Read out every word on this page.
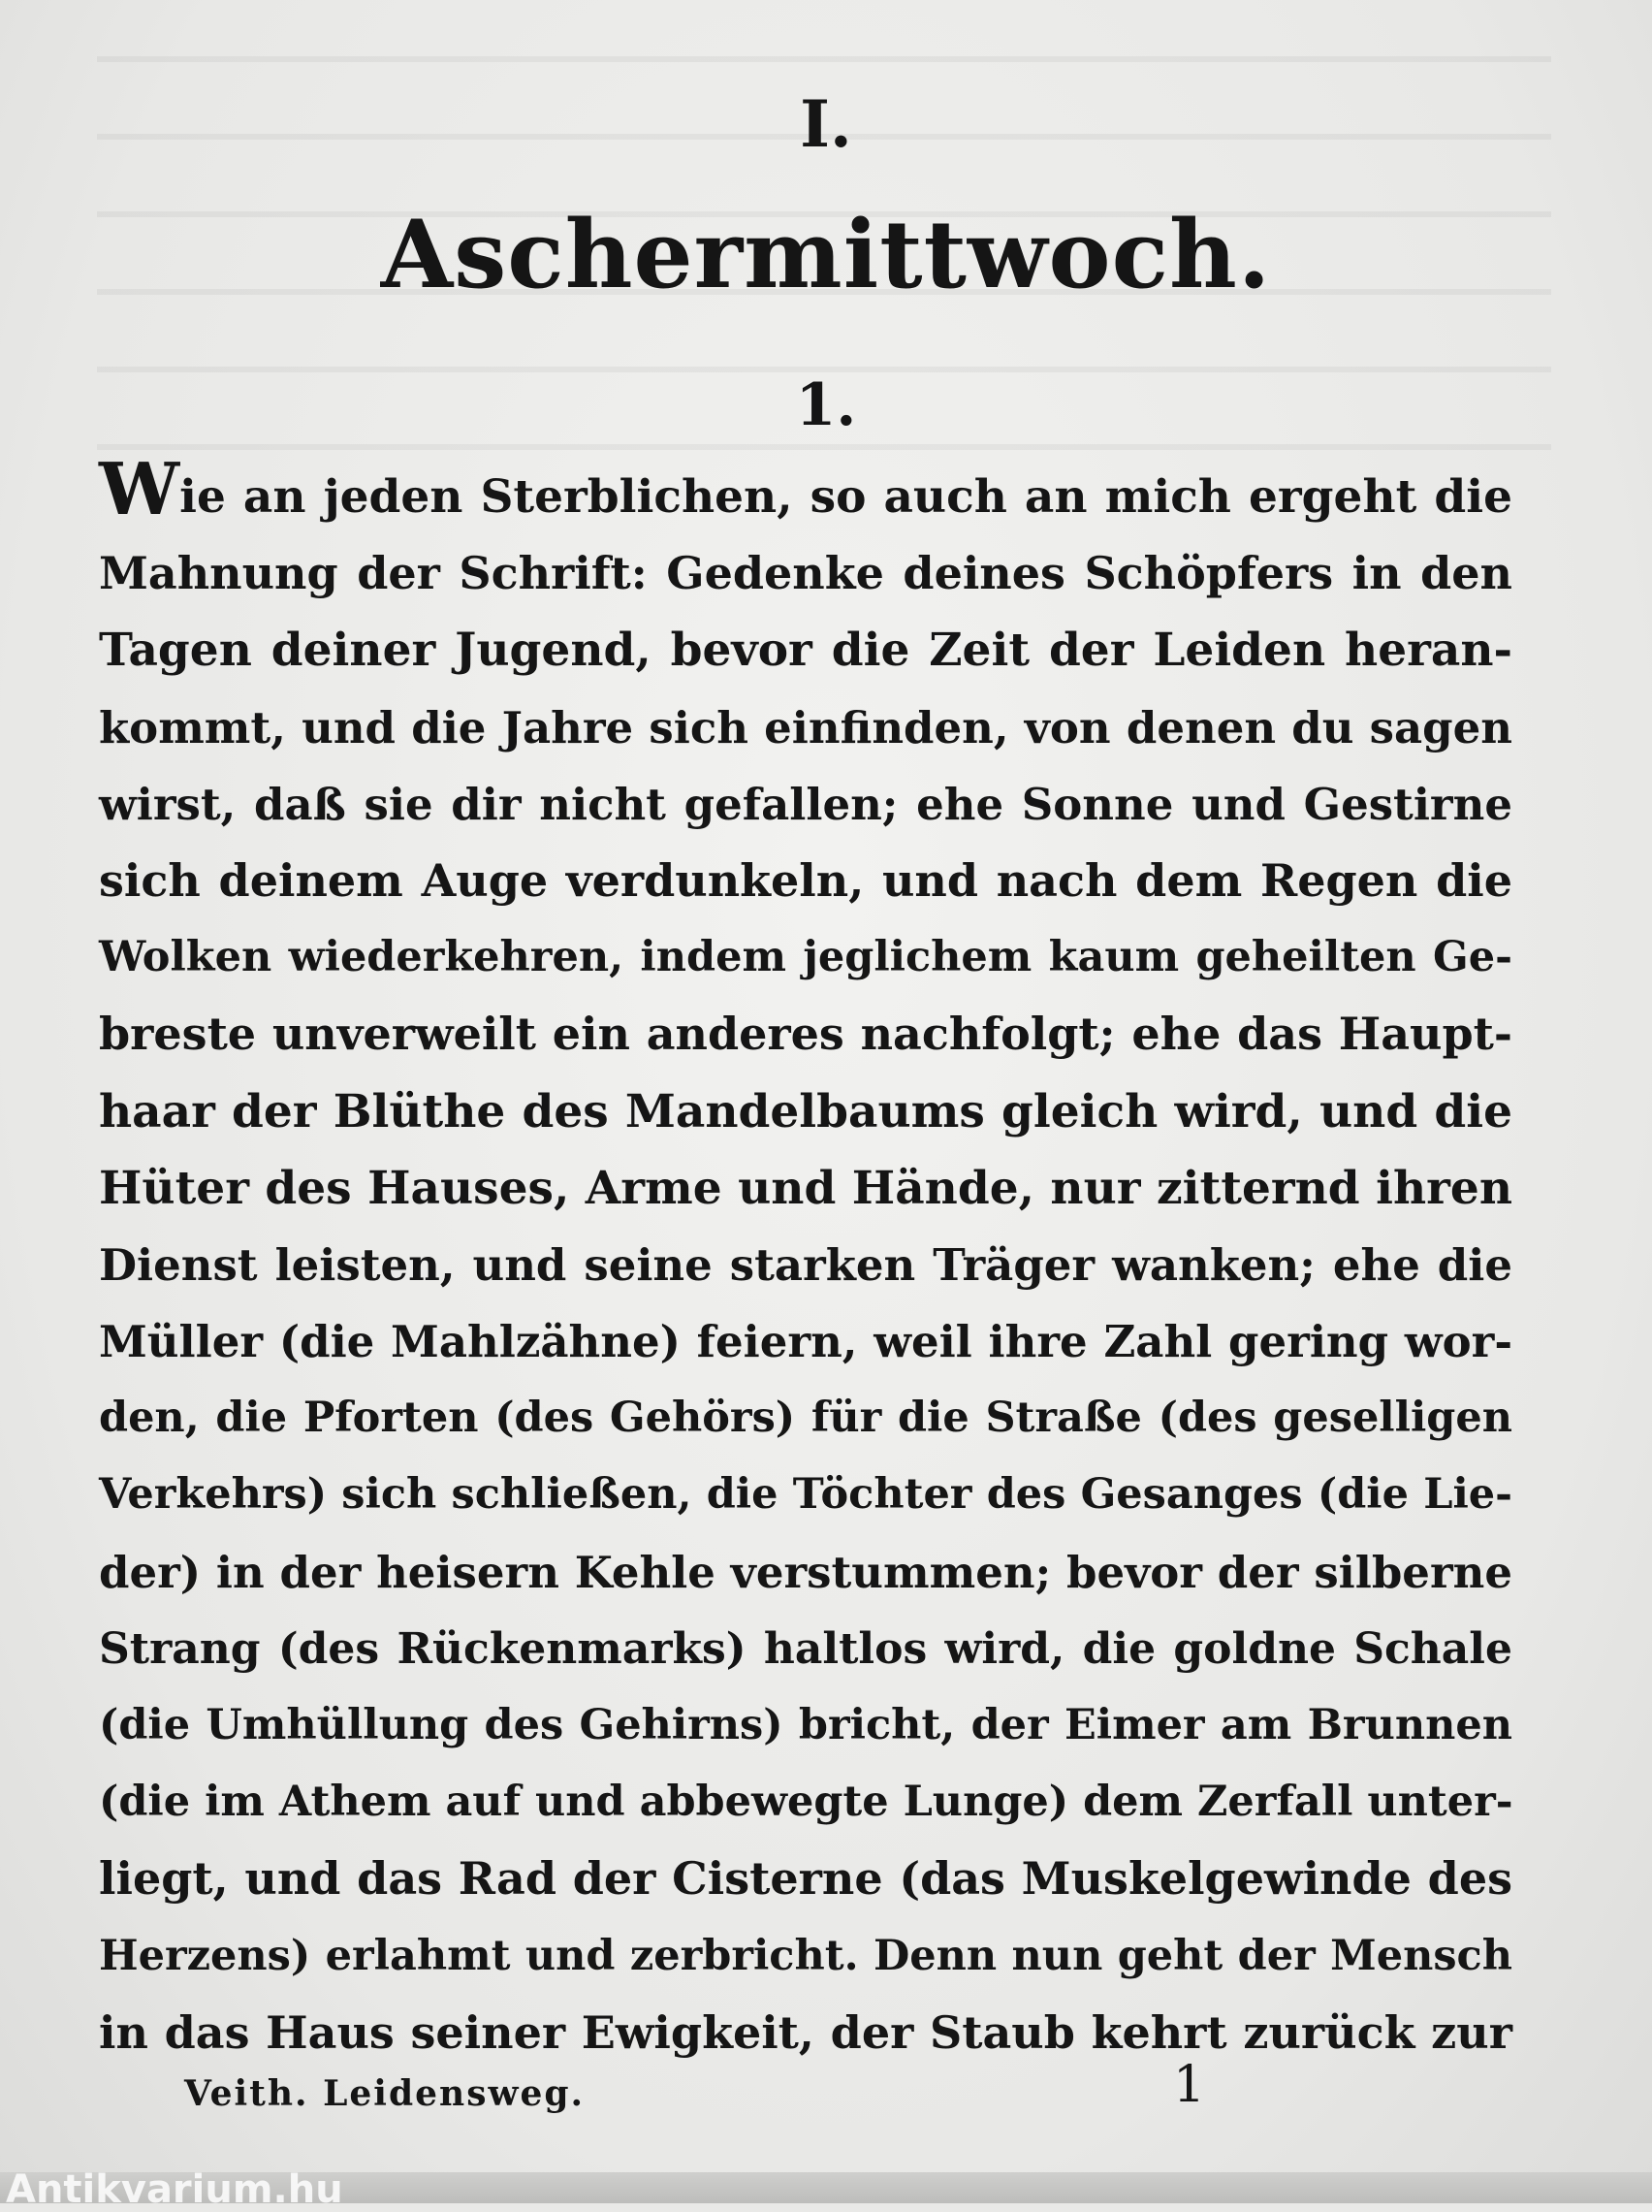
I.
Aschermittwoch.
1.
Wie an jeden Sterblichen, so auch an mich ergeht die
Mahnung der Schrift: Gedenke deines Schöpfers in den
Tagen deiner Jugend, bevor die Zeit der Leiden heran-
kommt, und die Jahre sich einfinden, von denen du sagen
wirst, daß sie dir nicht gefallen; ehe Sonne und Gestirne
sich deinem Auge verdunkeln, und nach dem Regen die
Wolken wiederkehren, indem jeglichem kaum geheilten Ge-
breste unverweilt ein anderes nachfolgt; ehe das Haupt-
haar der Blüthe des Mandelbaums gleich wird, und die
Hüter des Hauses, Arme und Hände, nur zitternd ihren
Dienst leisten, und seine starken Träger wanken; ehe die
Müller (die Mahlzähne) feiern, weil ihre Zahl gering wor-
den, die Pforten (des Gehörs) für die Straße (des geselligen
Verkehrs) sich schließen, die Töchter des Gesanges (die Lie-
der) in der heisern Kehle verstummen; bevor der silberne
Strang (des Rückenmarks) haltlos wird, die goldne Schale
(die Umhüllung des Gehirns) bricht, der Eimer am Brunnen
(die im Athem auf und abbewegte Lunge) dem Zerfall unter-
liegt, und das Rad der Cisterne (das Muskelgewinde des
Herzens) erlahmt und zerbricht. Denn nun geht der Mensch
in das Haus seiner Ewigkeit, der Staub kehrt zurück zur
Veith. Leidensweg.	1
Antikvarium.hu
